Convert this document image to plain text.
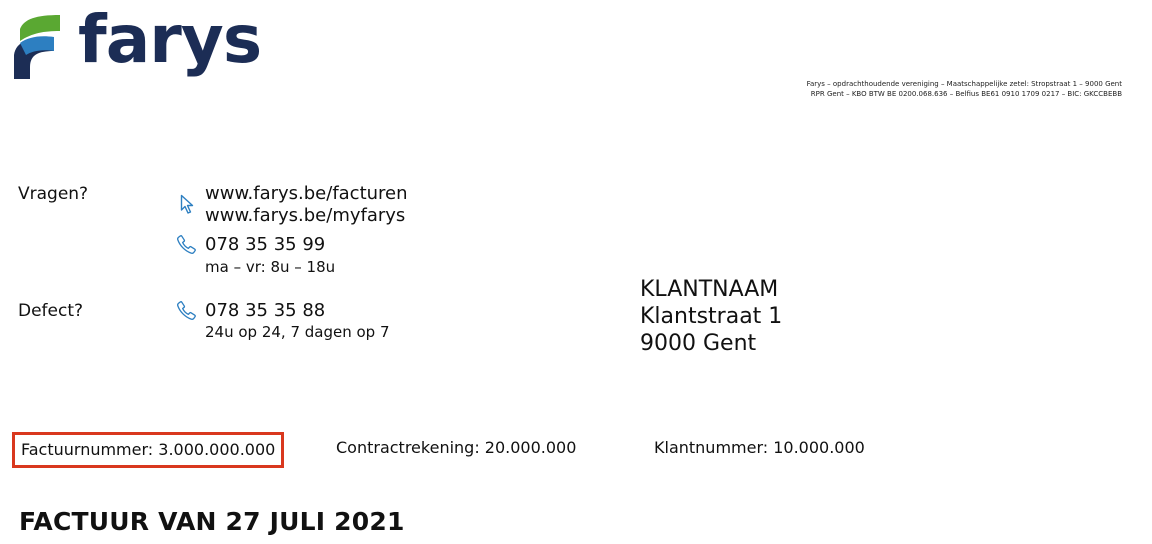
farys
Farys – opdrachthoudende vereniging – Maatschappelijke zetel: Stropstraat 1 – 9000 Gent
RPR Gent – KBO BTW BE 0200.068.636 – Belfius BE61 0910 1709 0217 – BIC: GKCCBEBB
Vragen?	www.farys.be/facturen
www.farys.be/myfarys
078 35 35 99
ma – vr: 8u – 18u
Defect?	078 35 35 88
24u op 24, 7 dagen op 7
KLANTNAAM
Klantstraat 1
9000 Gent
Factuurnummer: 3.000.000.000	Contractrekening: 20.000.000	Klantnummer: 10.000.000
FACTUUR VAN 27 JULI 2021
